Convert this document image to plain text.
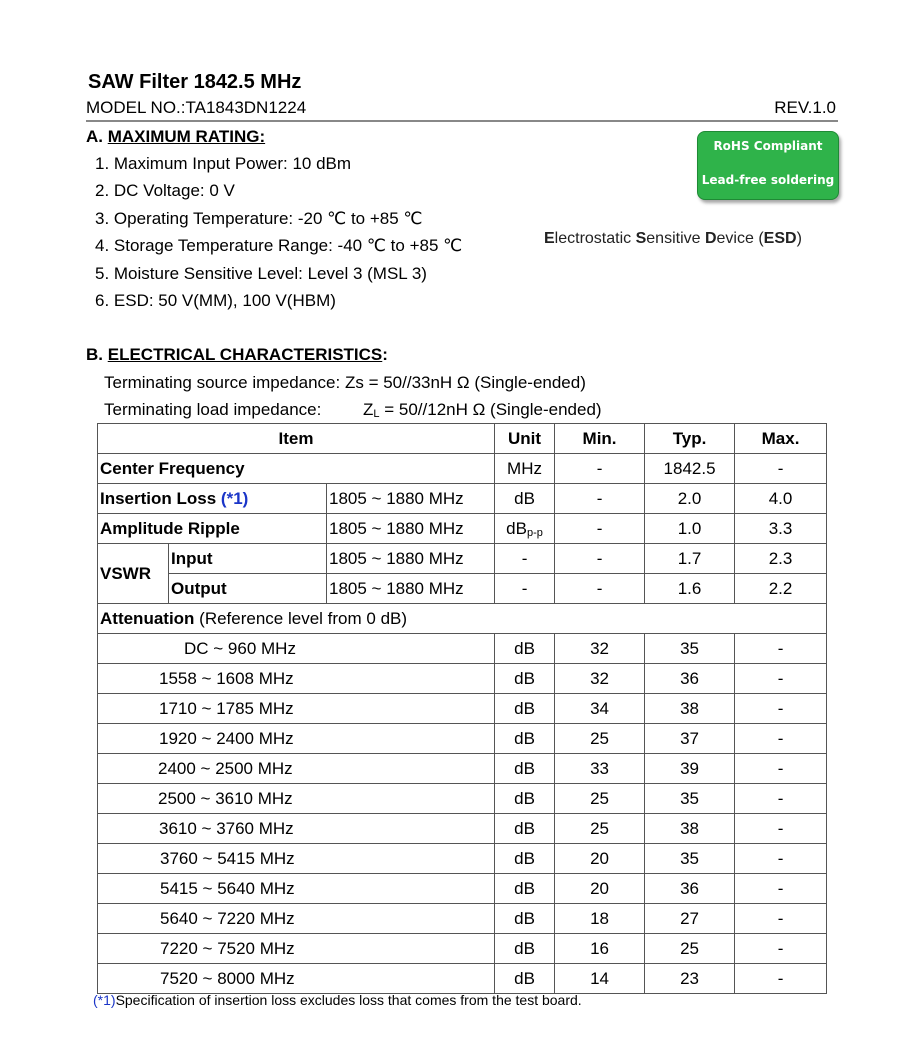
SAW Filter 1842.5 MHz
MODEL NO.:TA1843DN1224	REV.1.0
A. MAXIMUM RATING:
1. Maximum Input Power: 10 dBm
2. DC Voltage: 0 V
3. Operating Temperature: -20 ℃ to +85 ℃
4. Storage Temperature Range: -40 ℃ to +85 ℃
5. Moisture Sensitive Level: Level 3 (MSL 3)
6. ESD: 50 V(MM), 100 V(HBM)
RoHS Compliant
Lead-free soldering
Electrostatic Sensitive Device (ESD)
B. ELECTRICAL CHARACTERISTICS:
Terminating source impedance: Zs = 50//33nH Ω (Single-ended)
Terminating load impedance: $Z_L = 50//12nH$ Ω (Single-ended)
Item			Unit	Min.	Typ.	Max.
Center Frequency			MHz	-	1842.5	-
Insertion Loss (*1)		1805 ~ 1880 MHz	dB	-	2.0	4.0
Amplitude Ripple		1805 ~ 1880 MHz	$dB_{p-p}$	-	1.0	3.3
VSWR	Input	1805 ~ 1880 MHz	-	-	1.7	2.3
	Output	1805 ~ 1880 MHz	-	-	1.6	2.2
Attenuation (Reference level from 0 dB)						
DC ~ 960 MHz			dB	32	35	-
1558 ~ 1608 MHz			dB	32	36	-
1710 ~ 1785 MHz			dB	34	38	-
1920 ~ 2400 MHz			dB	25	37	-
2400 ~ 2500 MHz			dB	33	39	-
2500 ~ 3610 MHz			dB	25	35	-
3610 ~ 3760 MHz			dB	25	38	-
3760 ~ 5415 MHz			dB	20	35	-
5415 ~ 5640 MHz			dB	20	36	-
5640 ~ 7220 MHz			dB	18	27	-
7220 ~ 7520 MHz			dB	16	25	-
7520 ~ 8000 MHz			dB	14	23	-
(*1)Specification of insertion loss excludes loss that comes from the test board.
